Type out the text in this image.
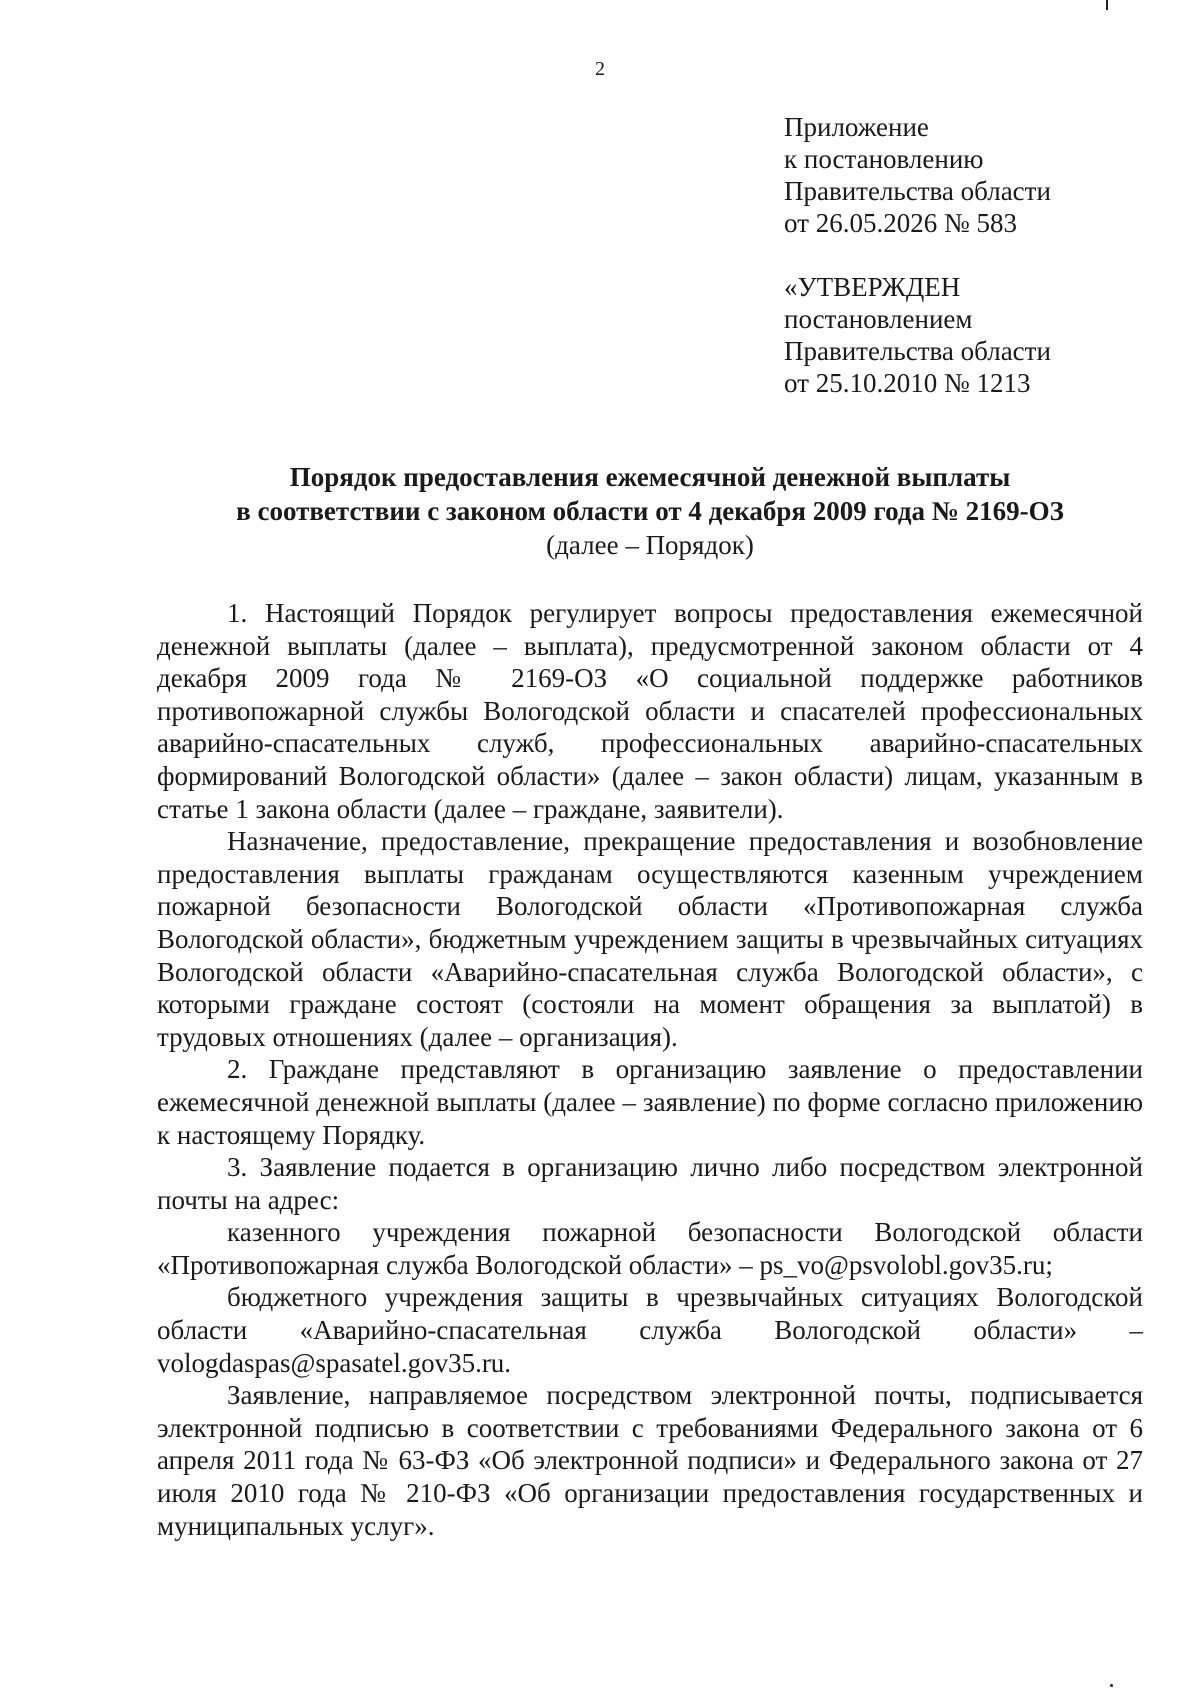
2
Приложение
к постановлению
Правительства области
от 26.05.2026 № 583
«УТВЕРЖДЕН
постановлением
Правительства области
от 25.10.2010 № 1213
Порядок предоставления ежемесячной денежной выплаты
в соответствии с законом области от 4 декабря 2009 года № 2169-ОЗ
(далее – Порядок)

1. Настоящий Порядок регулирует вопросы предоставления ежемесячной денежной выплаты (далее – выплата), предусмотренной законом области от 4 декабря 2009 года № 2169-ОЗ «О социальной поддержке работников противопожарной службы Вологодской области и спасателей профессиональных аварийно-спасательных служб, профессиональных аварийно-спасательных формирований Вологодской области» (далее – закон области) лицам, указанным в статье 1 закона области (далее – граждане, заявители).

Назначение, предоставление, прекращение предоставления и возобновление предоставления выплаты гражданам осуществляются казенным учреждением пожарной безопасности Вологодской области «Противопожарная служба Вологодской области», бюджетным учреждением защиты в чрезвычайных ситуациях Вологодской области «Аварийно-спасательная служба Вологодской области», с которыми граждане состоят (состояли на момент обращения за выплатой) в трудовых отношениях (далее – организация).

2. Граждане представляют в организацию заявление о предоставлении ежемесячной денежной выплаты (далее – заявление) по форме согласно приложению к настоящему Порядку.

3. Заявление подается в организацию лично либо посредством электронной почты на адрес:

казенного учреждения пожарной безопасности Вологодской области «Противопожарная служба Вологодской области» – ps_vo@psvolobl.gov35.ru;

бюджетного учреждения защиты в чрезвычайных ситуациях Вологодской области «Аварийно-спасательная служба Вологодской области» – vologdaspas@spasatel.gov35.ru.

Заявление, направляемое посредством электронной почты, подписывается электронной подписью в соответствии с требованиями Федерального закона от 6 апреля 2011 года № 63-ФЗ «Об электронной подписи» и Федерального закона от 27 июля 2010 года № 210-ФЗ «Об организации предоставления государственных и муниципальных услуг».
